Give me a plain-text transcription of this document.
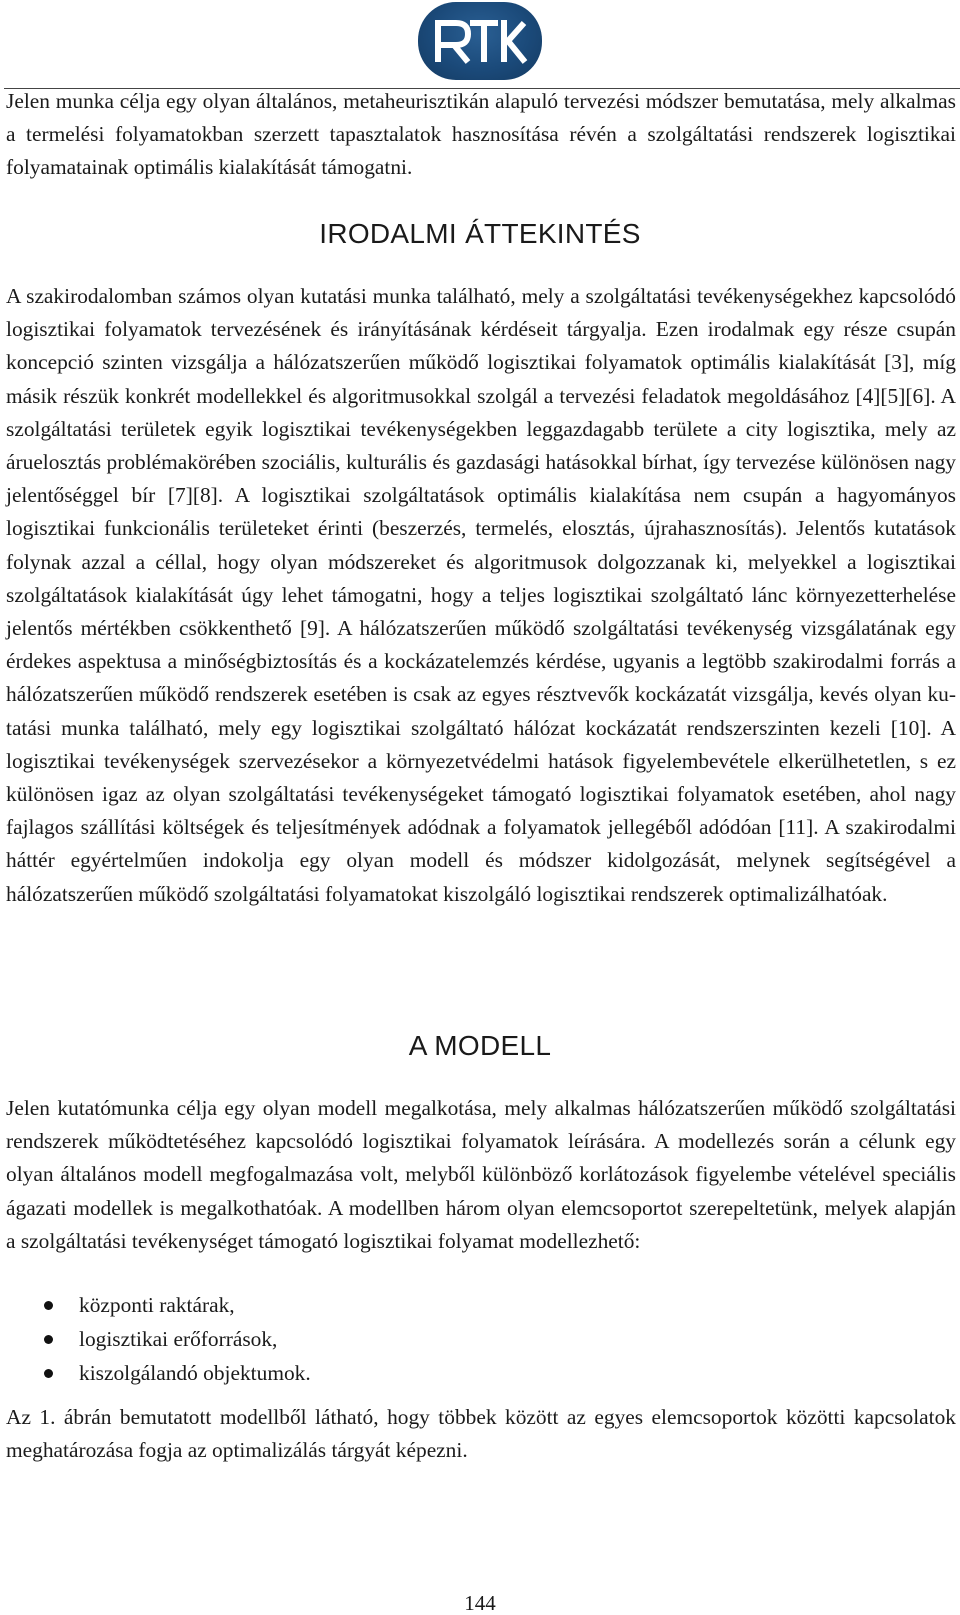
Jelen munka célja egy olyan általános, metaheurisztikán alapuló tervezési módszer bemutatása, mely alkalmas a termelési folyamatokban szerzett tapasztalatok hasznosítása révén a szolgáltatási rendszerek logisztikai folyamatainak optimális kialakítását támogatni.

IRODALMI ÁTTEKINTÉS

A szakirodalomban számos olyan kutatási munka található, mely a szolgáltatási tevékenységekhez kapcsolódó logisztikai folyamatok tervezésének és irányításának kérdéseit tárgyalja. Ezen irodalmak egy része csupán koncepció szinten vizsgálja a hálózatszerűen működő logisztikai folyamatok optimális kialakítását [3], míg másik részük konkrét modellekkel és algoritmusokkal szolgál a tervezési feladatok megoldásához [4][5][6]. A szolgáltatási területek egyik logisztikai tevékenységekben leggazdagabb területe a city logisztika, mely az áruelosztás problémakörében szociális, kulturális és gazdasági hatásokkal bírhat, így tervezése különösen nagy jelentőséggel bír [7][8]. A logisztikai szolgáltatások optimális kialakítása nem csupán a hagyományos logisztikai funkcionális területeket érinti (beszerzés, termelés, elosztás, újrahasznosítás). Jelentős kutatások folynak azzal a céllal, hogy olyan módszereket és algoritmusok dolgozzanak ki, melyekkel a logisztikai szolgáltatások kialakítását úgy lehet támogatni, hogy a teljes logisztikai szolgáltató lánc környezetterhelése jelentős mértékben csökkenthető [9]. A hálózatszerűen működő szolgáltatási tevékenység vizsgálatának egy érdekes aspektusa a minőségbiztosítás és a kockázatelemzés kérdése, ugyanis a legtöbb szakirodalmi forrás a hálózatszerűen működő rendszerek esetében is csak az egyes résztvevők kockázatát vizsgálja, kevés olyan kutatási munka található, mely egy logisztikai szolgáltató hálózat kockázatát rendszerszinten kezeli [10]. A logisztikai tevékenységek szervezésekor a környezetvédelmi hatások figyelembevétele elkerülhetetlen, s ez különösen igaz az olyan szolgáltatási tevékenységeket támogató logisztikai folyamatok esetében, ahol nagy fajlagos szállítási költségek és teljesítmények adódnak a folyamatok jellegéből adódóan [11]. A szakirodalmi háttér egyértelműen indokolja egy olyan modell és módszer kidolgozását, melynek segítségével a hálózatszerűen működő szolgáltatási folyamatokat kiszolgáló logisztikai rendszerek optimalizálhatóak.

A MODELL

Jelen kutatómunka célja egy olyan modell megalkotása, mely alkalmas hálózatszerűen működő szolgáltatási rendszerek működtetéséhez kapcsolódó logisztikai folyamatok leírására. A modellezés során a célunk egy olyan általános modell megfogalmazása volt, melyből különböző korlátozások figyelembe vételével speciális ágazati modellek is megalkothatóak. A modellben három olyan elemcsoportot szerepeltetünk, melyek alapján a szolgáltatási tevékenységet támogató logisztikai folyamat modellezhető:

központi raktárak,
logisztikai erőforrások,
kiszolgálandó objektumok.

Az 1. ábrán bemutatott modellből látható, hogy többek között az egyes elemcsoportok közötti kapcsolatok meghatározása fogja az optimalizálás tárgyát képezni.

144
